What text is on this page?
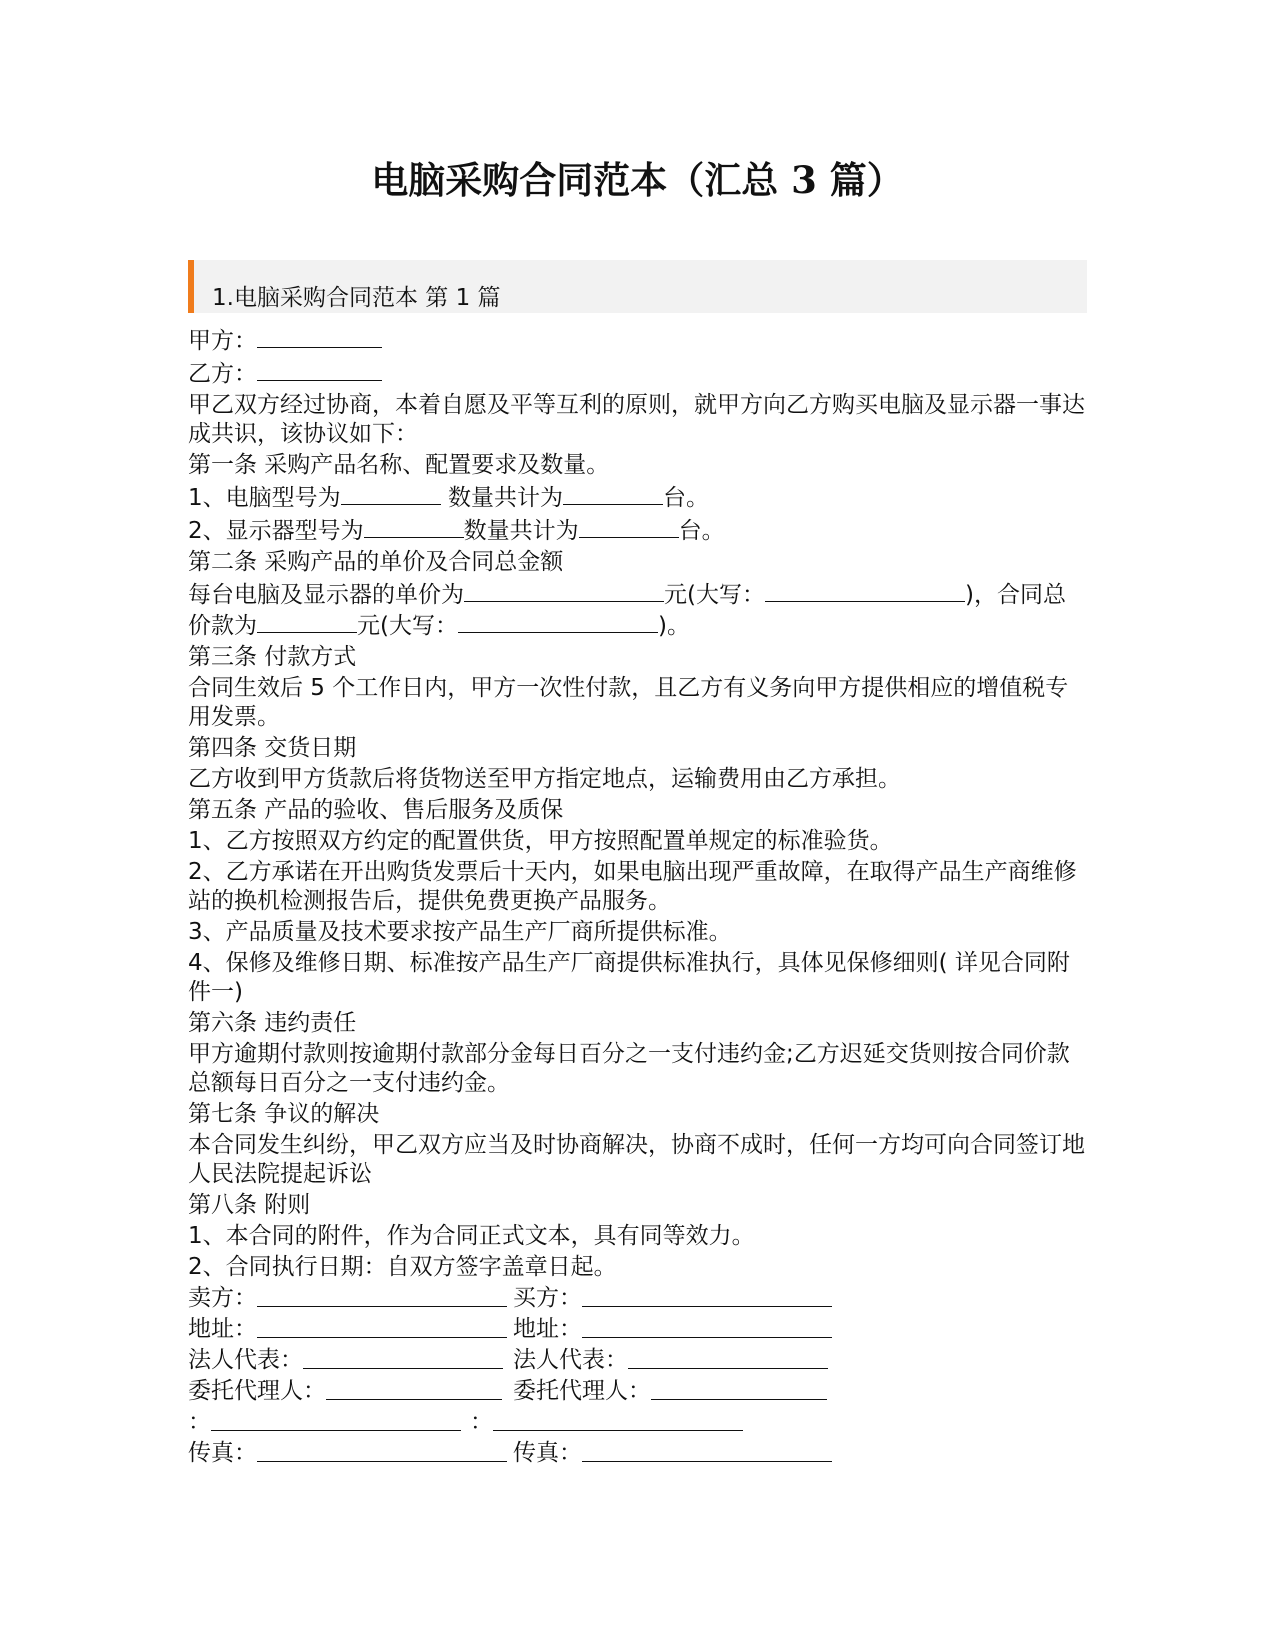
电脑采购合同范本（汇总 3 篇）
1.电脑采购合同范本 第 1 篇

甲方：

乙方：

甲乙双方经过协商，本着自愿及平等互利的原则，就甲方向乙方购买电脑及显示器一事达成共识，该协议如下：

第一条 采购产品名称、配置要求及数量。

1、电脑型号为	数量共计为	台。

2、显示器型号为	数量共计为	台。

第二条 采购产品的单价及合同总金额

每台电脑及显示器的单价为	元(大写：	)，合同总价款为	元(大写：	)。

第三条 付款方式

合同生效后 5 个工作日内，甲方一次性付款，且乙方有义务向甲方提供相应的增值税专用发票。

第四条 交货日期

乙方收到甲方货款后将货物送至甲方指定地点，运输费用由乙方承担。

第五条 产品的验收、售后服务及质保

1、乙方按照双方约定的配置供货，甲方按照配置单规定的标准验货。

2、乙方承诺在开出购货发票后十天内，如果电脑出现严重故障，在取得产品生产商维修站的换机检测报告后，提供免费更换产品服务。

3、产品质量及技术要求按产品生产厂商所提供标准。

4、保修及维修日期、标准按产品生产厂商提供标准执行，具体见保修细则( 详见合同附件一)

第六条 违约责任

甲方逾期付款则按逾期付款部分金每日百分之一支付违约金;乙方迟延交货则按合同价款总额每日百分之一支付违约金。

第七条 争议的解决

本合同发生纠纷，甲乙双方应当及时协商解决，协商不成时，任何一方均可向合同签订地人民法院提起诉讼

第八条 附则

1、本合同的附件，作为合同正式文本，具有同等效力。

2、合同执行日期：自双方签字盖章日起。

卖方：	买方：

地址：	地址：

法人代表：	法人代表：

委托代理人：	委托代理人：

：	：

传真：	传真：
